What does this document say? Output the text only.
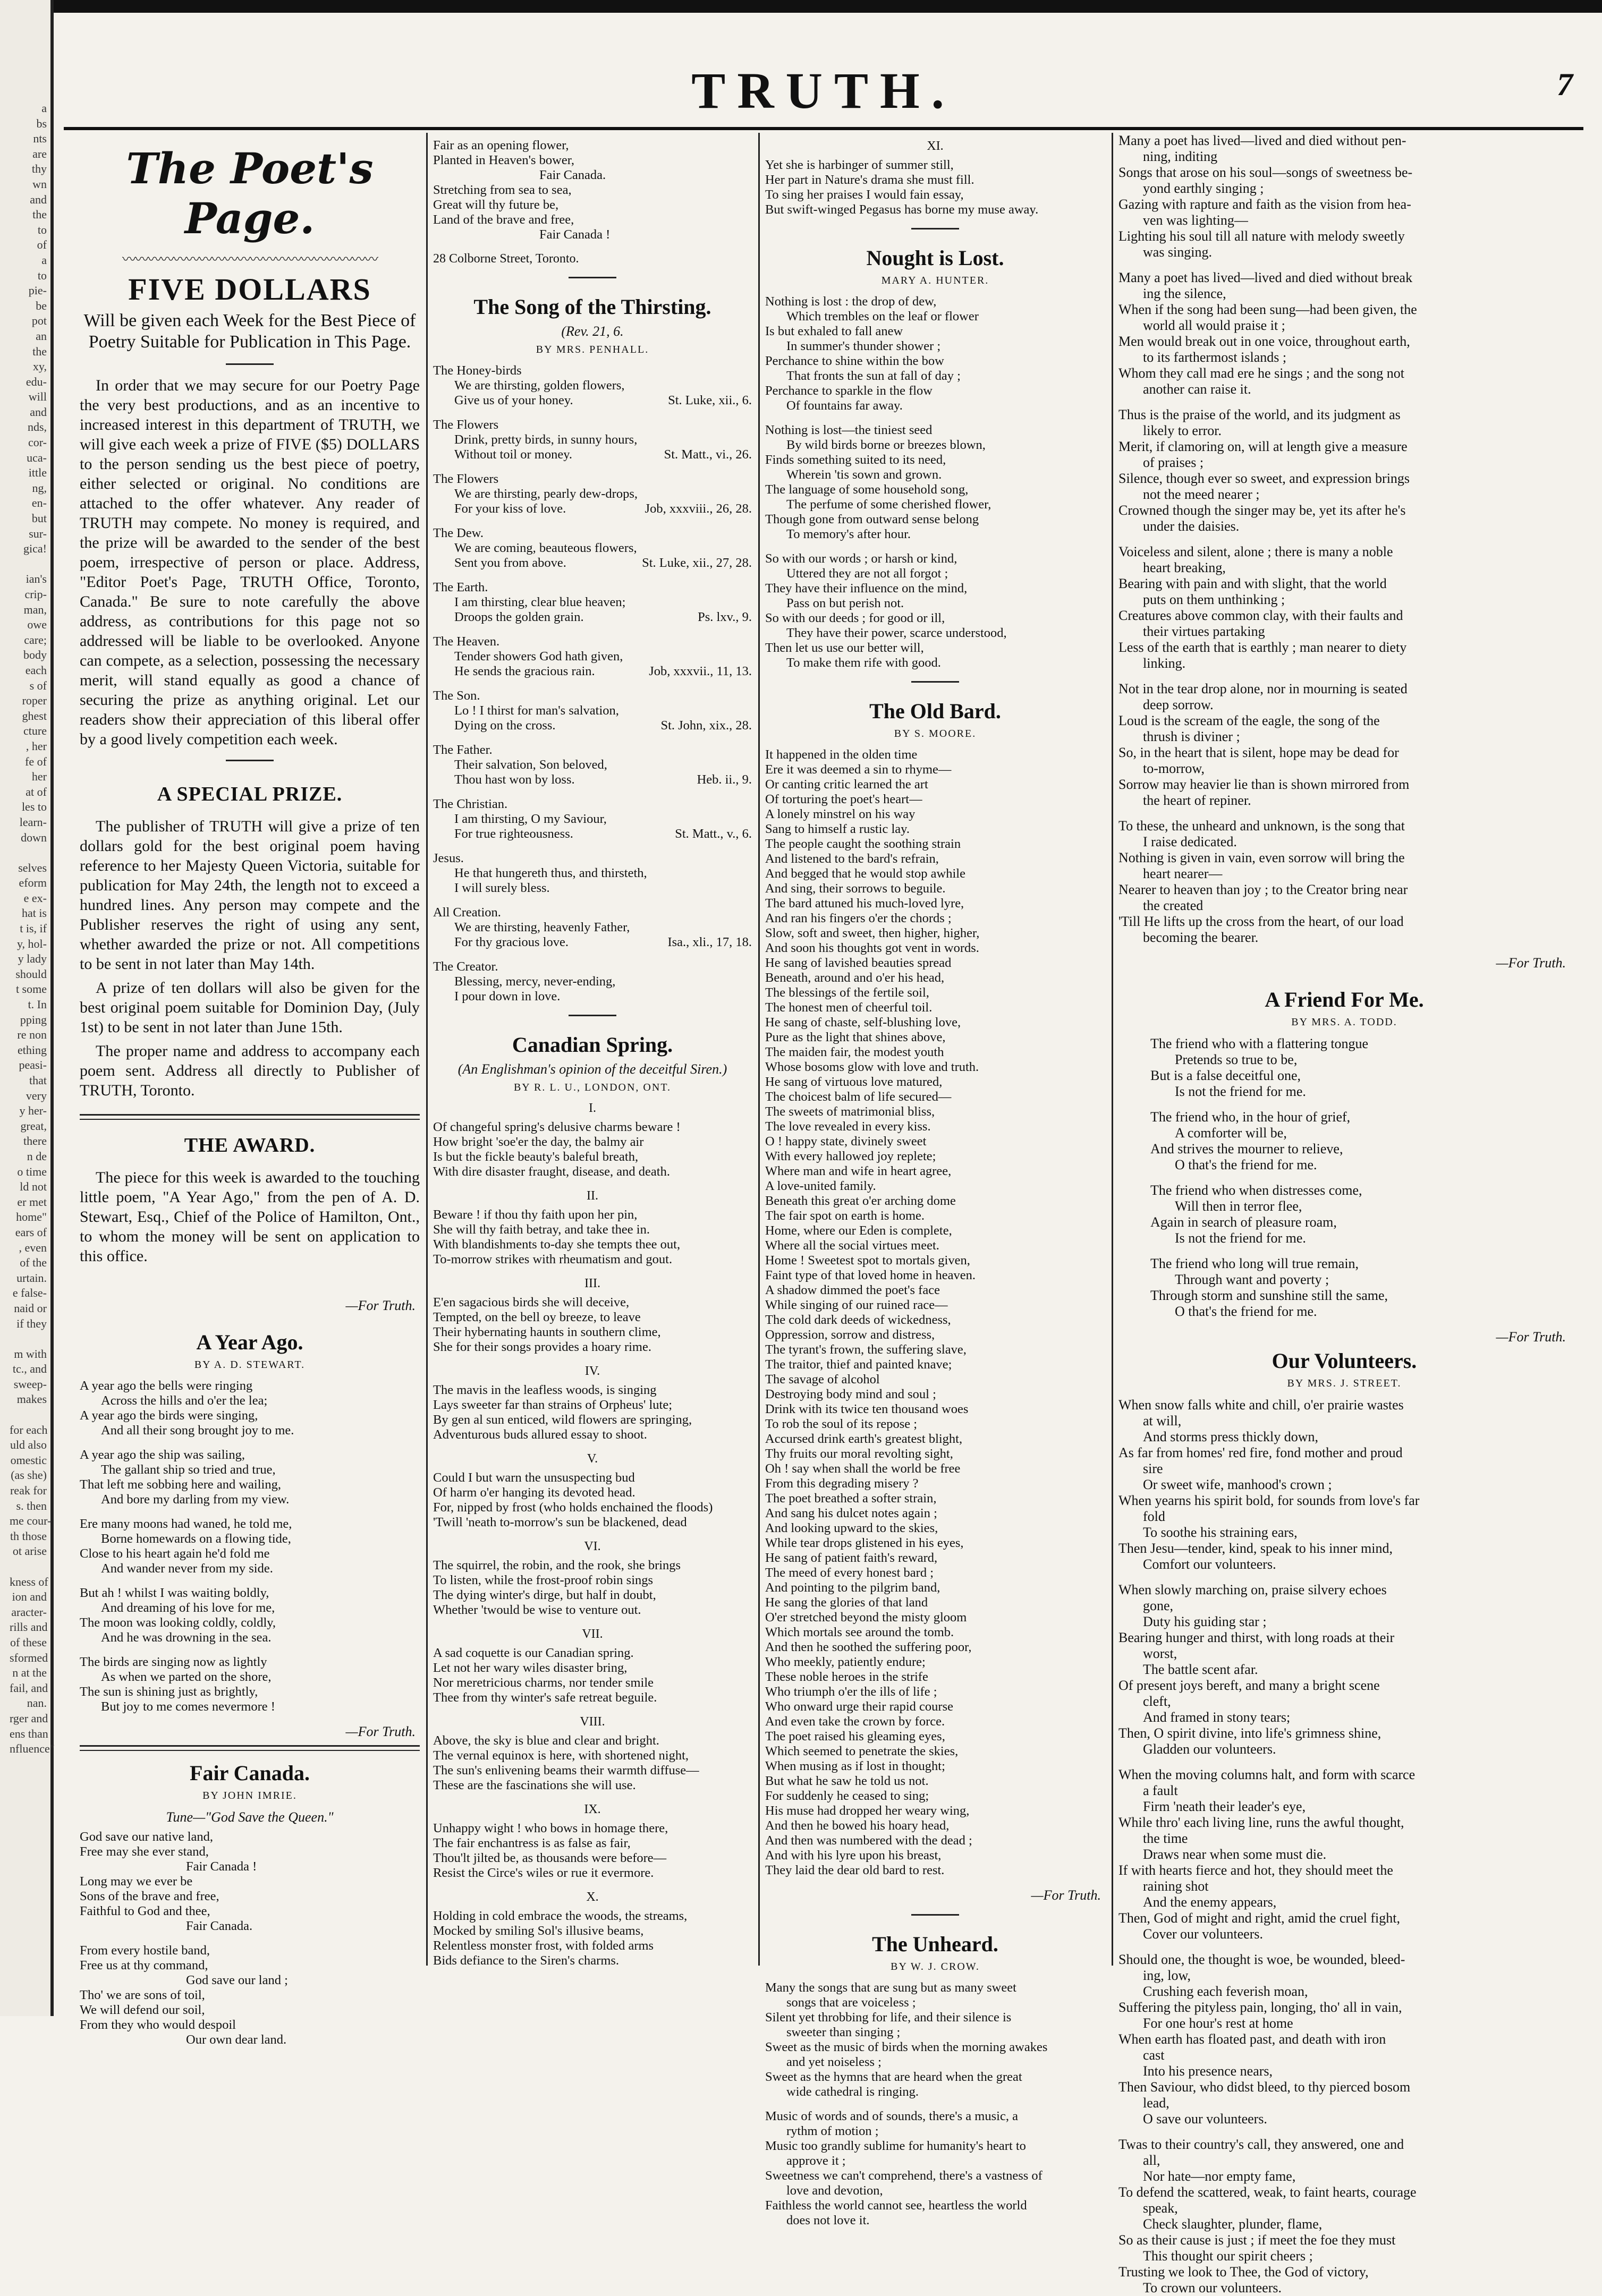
a
bs
nts
are
thy
wn
and
the
to
of
a
to
pie-
be
pot
an
the
xy,
edu-
will
and
nds,
cor-
uca-
ittle
ng,
en-
but
sur-
gica!
ian's
crip-
man,
owe
care;
body
each
s of
roper
ghest
cture
, her
fe of
her
at of
les to
learn-
down
selves
eform
e ex-
hat is
t is, if
y, hol-
y lady
should
t some
t. In
pping
re non
ething
peasi-
that
very
y her-
great,
there
n de
o time
ld not
er met
home"
ears of
, even
of the
urtain.
e false-
naid or
if they
m with
tc., and
sweep-
makes
for each
uld also
omestic
(as she)
reak for
s. then
me cour-
th those
ot arise
kness of
ion and
aracter-
rills and
of these
sformed
n at the
fail, and
nan.
rger and
ens than
nfluence"
TRUTH.	7
The Poet's Page.
〰〰〰〰〰〰〰〰〰〰〰〰〰〰〰〰〰〰〰〰
FIVE DOLLARS
Will be given each Week for the Best Piece of Poetry Suitable for Publication in This Page.

In order that we may secure for our Poetry Page the very best productions, and as an incentive to increased interest in this department of TRUTH, we will give each week a prize of FIVE ($5) DOLLARS to the person sending us the best piece of poetry, either selected or original. No conditions are attached to the offer whatever. Any reader of TRUTH may compete. No money is required, and the prize will be awarded to the sender of the best poem, irrespective of person or place. Address, "Editor Poet's Page, TRUTH Office, Toronto, Canada." Be sure to note carefully the above address, as contributions for this page not so addressed will be liable to be overlooked. Anyone can compete, as a selection, possessing the necessary merit, will stand equally as good a chance of securing the prize as anything original. Let our readers show their appreciation of this liberal offer by a good lively competition each week.

A SPECIAL PRIZE.

The publisher of TRUTH will give a prize of ten dollars gold for the best original poem having reference to her Majesty Queen Victoria, suitable for publication for May 24th, the length not to exceed a hundred lines. Any person may compete and the Publisher reserves the right of using any sent, whether awarded the prize or not. All competitions to be sent in not later than May 14th.

A prize of ten dollars will also be given for the best original poem suitable for Dominion Day, (July 1st) to be sent in not later than June 15th.

The proper name and address to accompany each poem sent. Address all directly to Publisher of TRUTH, Toronto.

THE AWARD.

The piece for this week is awarded to the touching little poem, "A Year Ago," from the pen of A. D. Stewart, Esq., Chief of the Police of Hamilton, Ont., to whom the money will be sent on application to this office.

—For Truth.
A Year Ago.
BY A. D. STEWART.
A year ago the bells were ringing
Across the hills and o'er the lea;
A year ago the birds were singing,
And all their song brought joy to me.
A year ago the ship was sailing,
The gallant ship so tried and true,
That left me sobbing here and wailing,
And bore my darling from my view.
Ere many moons had waned, he told me,
Borne homewards on a flowing tide,
Close to his heart again he'd fold me
And wander never from my side.
But ah ! whilst I was waiting boldly,
And dreaming of his love for me,
The moon was looking coldly, coldly,
And he was drowning in the sea.
The birds are singing now as lightly
As when we parted on the shore,
The sun is shining just as brightly,
But joy to me comes nevermore !
—For Truth.
Fair Canada.
BY JOHN IMRIE.
Tune—"God Save the Queen."
God save our native land,
Free may she ever stand,
Fair Canada !
Long may we ever be
Sons of the brave and free,
Faithful to God and thee,
Fair Canada.
From every hostile band,
Free us at thy command,
God save our land ;
Tho' we are sons of toil,
We will defend our soil,
From they who would despoil
Our own dear land.
Fair as an opening flower,
Planted in Heaven's bower,
Fair Canada.
Stretching from sea to sea,
Great will thy future be,
Land of the brave and free,
Fair Canada !
28 Colborne Street, Toronto.
The Song of the Thirsting.
(Rev. 21, 6.
BY MRS. PENHALL.
The Honey-birds
We are thirsting, golden flowers,
Give us of your honey.	St. Luke, xii., 6.
The Flowers
Drink, pretty birds, in sunny hours,
Without toil or money.	St. Matt., vi., 26.
The Flowers
We are thirsting, pearly dew-drops,
For your kiss of love.	Job, xxxviii., 26, 28.
The Dew.
We are coming, beauteous flowers,
Sent you from above.	St. Luke, xii., 27, 28.
The Earth.
I am thirsting, clear blue heaven;
Droops the golden grain.	Ps. lxv., 9.
The Heaven.
Tender showers God hath given,
He sends the gracious rain.	Job, xxxvii., 11, 13.
The Son.
Lo ! I thirst for man's salvation,
Dying on the cross.	St. John, xix., 28.
The Father.
Their salvation, Son beloved,
Thou hast won by loss.	Heb. ii., 9.
The Christian.
I am thirsting, O my Saviour,
For true righteousness.	St. Matt., v., 6.
Jesus.
He that hungereth thus, and thirsteth,
I will surely bless.
All Creation.
We are thirsting, heavenly Father,
For thy gracious love.	Isa., xli., 17, 18.
The Creator.
Blessing, mercy, never-ending,
I pour down in love.
Canadian Spring.
(An Englishman's opinion of the deceitful Siren.)
BY R. L. U., LONDON, ONT.
I.
Of changeful spring's delusive charms beware !
How bright 'soe'er the day, the balmy air
Is but the fickle beauty's baleful breath,
With dire disaster fraught, disease, and death.
II.
Beware ! if thou thy faith upon her pin,
She will thy faith betray, and take thee in.
With blandishments to-day she tempts thee out,
To-morrow strikes with rheumatism and gout.
III.
E'en sagacious birds she will deceive,
Tempted, on the bell oy breeze, to leave
Their hybernating haunts in southern clime,
She for their songs provides a hoary rime.
IV.
The mavis in the leafless woods, is singing
Lays sweeter far than strains of Orpheus' lute;
By gen al sun enticed, wild flowers are springing,
Adventurous buds allured essay to shoot.
V.
Could I but warn the unsuspecting bud
Of harm o'er hanging its devoted head.
For, nipped by frost (who holds enchained the floods)
'Twill 'neath to-morrow's sun be blackened, dead
VI.
The squirrel, the robin, and the rook, she brings
To listen, while the frost-proof robin sings
The dying winter's dirge, but half in doubt,
Whether 'twould be wise to venture out.
VII.
A sad coquette is our Canadian spring.
Let not her wary wiles disaster bring,
Nor meretricious charms, nor tender smile
Thee from thy winter's safe retreat beguile.
VIII.
Above, the sky is blue and clear and bright.
The vernal equinox is here, with shortened night,
The sun's enlivening beams their warmth diffuse—
These are the fascinations she will use.
IX.
Unhappy wight ! who bows in homage there,
The fair enchantress is as false as fair,
Thou'lt jilted be, as thousands were before—
Resist the Circe's wiles or rue it evermore.
X.
Holding in cold embrace the woods, the streams,
Mocked by smiling Sol's illusive beams,
Relentless monster frost, with folded arms
Bids defiance to the Siren's charms.
XI.
Yet she is harbinger of summer still,
Her part in Nature's drama she must fill.
To sing her praises I would fain essay,
But swift-winged Pegasus has borne my muse away.
Nought is Lost.
MARY A. HUNTER.
Nothing is lost : the drop of dew,
Which trembles on the leaf or flower
Is but exhaled to fall anew
In summer's thunder shower ;
Perchance to shine within the bow
That fronts the sun at fall of day ;
Perchance to sparkle in the flow
Of fountains far away.
Nothing is lost—the tiniest seed
By wild birds borne or breezes blown,
Finds something suited to its need,
Wherein 'tis sown and grown.
The language of some household song,
The perfume of some cherished flower,
Though gone from outward sense belong
To memory's after hour.
So with our words ; or harsh or kind,
Uttered they are not all forgot ;
They have their influence on the mind,
Pass on but perish not.
So with our deeds ; for good or ill,
They have their power, scarce understood,
Then let us use our better will,
To make them rife with good.
The Old Bard.
BY S. MOORE.
It happened in the olden time
Ere it was deemed a sin to rhyme—
Or canting critic learned the art
Of torturing the poet's heart—
A lonely minstrel on his way
Sang to himself a rustic lay.
The people caught the soothing strain
And listened to the bard's refrain,
And begged that he would stop awhile
And sing, their sorrows to beguile.
The bard attuned his much-loved lyre,
And ran his fingers o'er the chords ;
Slow, soft and sweet, then higher, higher,
And soon his thoughts got vent in words.
He sang of lavished beauties spread
Beneath, around and o'er his head,
The blessings of the fertile soil,
The honest men of cheerful toil.
He sang of chaste, self-blushing love,
Pure as the light that shines above,
The maiden fair, the modest youth
Whose bosoms glow with love and truth.
He sang of virtuous love matured,
The choicest balm of life secured—
The sweets of matrimonial bliss,
The love revealed in every kiss.
O ! happy state, divinely sweet
With every hallowed joy replete;
Where man and wife in heart agree,
A love-united family.
Beneath this great o'er arching dome
The fair spot on earth is home.
Home, where our Eden is complete,
Where all the social virtues meet.
Home ! Sweetest spot to mortals given,
Faint type of that loved home in heaven.
A shadow dimmed the poet's face
While singing of our ruined race—
The cold dark deeds of wickedness,
Oppression, sorrow and distress,
The tyrant's frown, the suffering slave,
The traitor, thief and painted knave;
The savage of alcohol
Destroying body mind and soul ;
Drink with its twice ten thousand woes
To rob the soul of its repose ;
Accursed drink earth's greatest blight,
Thy fruits our moral revolting sight,
Oh ! say when shall the world be free
From this degrading misery ?
The poet breathed a softer strain,
And sang his dulcet notes again ;
And looking upward to the skies,
While tear drops glistened in his eyes,
He sang of patient faith's reward,
The meed of every honest bard ;
And pointing to the pilgrim band,
He sang the glories of that land
O'er stretched beyond the misty gloom
Which mortals see around the tomb.
And then he soothed the suffering poor,
Who meekly, patiently endure;
These noble heroes in the strife
Who triumph o'er the ills of life ;
Who onward urge their rapid course
And even take the crown by force.
The poet raised his gleaming eyes,
Which seemed to penetrate the skies,
When musing as if lost in thought;
But what he saw he told us not.
For suddenly he ceased to sing;
His muse had dropped her weary wing,
And then he bowed his hoary head,
And then was numbered with the dead ;
And with his lyre upon his breast,
They laid the dear old bard to rest.
—For Truth.
The Unheard.
BY W. J. CROW.
Many the songs that are sung but as many sweet
songs that are voiceless ;
Silent yet throbbing for life, and their silence is
sweeter than singing ;
Sweet as the music of birds when the morning awakes
and yet noiseless ;
Sweet as the hymns that are heard when the great
wide cathedral is ringing.
Music of words and of sounds, there's a music, a
rythm of motion ;
Music too grandly sublime for humanity's heart to
approve it ;
Sweetness we can't comprehend, there's a vastness of
love and devotion,
Faithless the world cannot see, heartless the world
does not love it.
Many a poet has lived—lived and died without pen-
ning, inditing
Songs that arose on his soul—songs of sweetness be-
yond earthly singing ;
Gazing with rapture and faith as the vision from hea-
ven was lighting—
Lighting his soul till all nature with melody sweetly
was singing.
Many a poet has lived—lived and died without break
ing the silence,
When if the song had been sung—had been given, the
world all would praise it ;
Men would break out in one voice, throughout earth,
to its farthermost islands ;
Whom they call mad ere he sings ; and the song not
another can raise it.
Thus is the praise of the world, and its judgment as
likely to error.
Merit, if clamoring on, will at length give a measure
of praises ;
Silence, though ever so sweet, and expression brings
not the meed nearer ;
Crowned though the singer may be, yet its after he's
under the daisies.
Voiceless and silent, alone ; there is many a noble
heart breaking,
Bearing with pain and with slight, that the world
puts on them unthinking ;
Creatures above common clay, with their faults and
their virtues partaking
Less of the earth that is earthly ; man nearer to diety
linking.
Not in the tear drop alone, nor in mourning is seated
deep sorrow.
Loud is the scream of the eagle, the song of the
thrush is diviner ;
So, in the heart that is silent, hope may be dead for
to-morrow,
Sorrow may heavier lie than is shown mirrored from
the heart of repiner.
To these, the unheard and unknown, is the song that
I raise dedicated.
Nothing is given in vain, even sorrow will bring the
heart nearer—
Nearer to heaven than joy ; to the Creator bring near
the created
'Till He lifts up the cross from the heart, of our load
becoming the bearer.
—For Truth.
A Friend For Me.
BY MRS. A. TODD.
The friend who with a flattering tongue
Pretends so true to be,
But is a false deceitful one,
Is not the friend for me.
The friend who, in the hour of grief,
A comforter will be,
And strives the mourner to relieve,
O that's the friend for me.
The friend who when distresses come,
Will then in terror flee,
Again in search of pleasure roam,
Is not the friend for me.
The friend who long will true remain,
Through want and poverty ;
Through storm and sunshine still the same,
O that's the friend for me.
—For Truth.
Our Volunteers.
BY MRS. J. STREET.
When snow falls white and chill, o'er prairie wastes
at will,
And storms press thickly down,
As far from homes' red fire, fond mother and proud
sire
Or sweet wife, manhood's crown ;
When yearns his spirit bold, for sounds from love's far
fold
To soothe his straining ears,
Then Jesu—tender, kind, speak to his inner mind,
Comfort our volunteers.
When slowly marching on, praise silvery echoes
gone,
Duty his guiding star ;
Bearing hunger and thirst, with long roads at their
worst,
The battle scent afar.
Of present joys bereft, and many a bright scene
cleft,
And framed in stony tears;
Then, O spirit divine, into life's grimness shine,
Gladden our volunteers.
When the moving columns halt, and form with scarce
a fault
Firm 'neath their leader's eye,
While thro' each living line, runs the awful thought,
the time
Draws near when some must die.
If with hearts fierce and hot, they should meet the
raining shot
And the enemy appears,
Then, God of might and right, amid the cruel fight,
Cover our volunteers.
Should one, the thought is woe, be wounded, bleed-
ing, low,
Crushing each feverish moan,
Suffering the pityless pain, longing, tho' all in vain,
For one hour's rest at home
When earth has floated past, and death with iron
cast
Into his presence nears,
Then Saviour, who didst bleed, to thy pierced bosom
lead,
O save our volunteers.
Twas to their country's call, they answered, one and
all,
Nor hate—nor empty fame,
To defend the scattered, weak, to faint hearts, courage
speak,
Check slaughter, plunder, flame,
So as their cause is just ; if meet the foe they must
This thought our spirit cheers ;
Trusting we look to Thee, the God of victory,
To crown our volunteers.
